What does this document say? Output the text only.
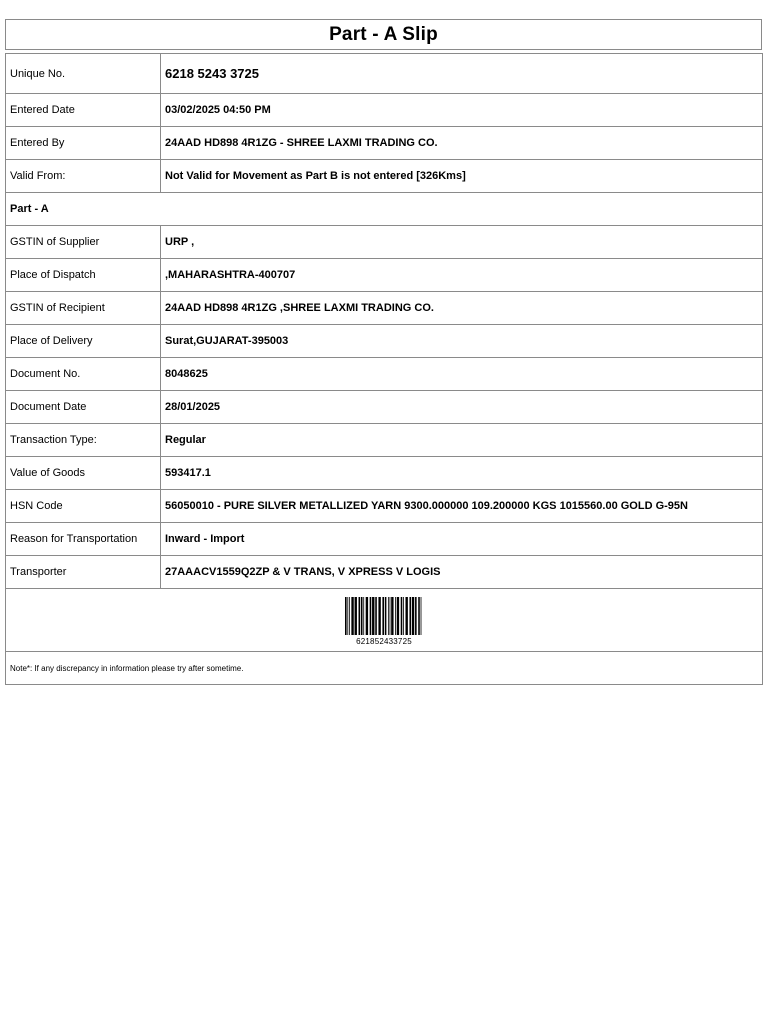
Part - A Slip
Unique No.	6218 5243 3725
Entered Date	03/02/2025 04:50 PM
Entered By	24AAD HD898 4R1ZG - SHREE LAXMI TRADING CO.
Valid From:	Not Valid for Movement as Part B is not entered [326Kms]
Part - A	
GSTIN of Supplier	URP ,
Place of Dispatch	,MAHARASHTRA-400707
GSTIN of Recipient	24AAD HD898 4R1ZG ,SHREE LAXMI TRADING CO.
Place of Delivery	Surat,GUJARAT-395003
Document No.	8048625
Document Date	28/01/2025
Transaction Type:	Regular
Value of Goods	593417.1
HSN Code	56050010 - PURE SILVER METALLIZED YARN 9300.000000 109.200000 KGS 1015560.00 GOLD G-95N
Reason for Transportation	Inward - Import
Transporter	27AAACV1559Q2ZP & V TRANS, V XPRESS V LOGIS

621852433725	

Note*: If any discrepancy in information please try after sometime.	
